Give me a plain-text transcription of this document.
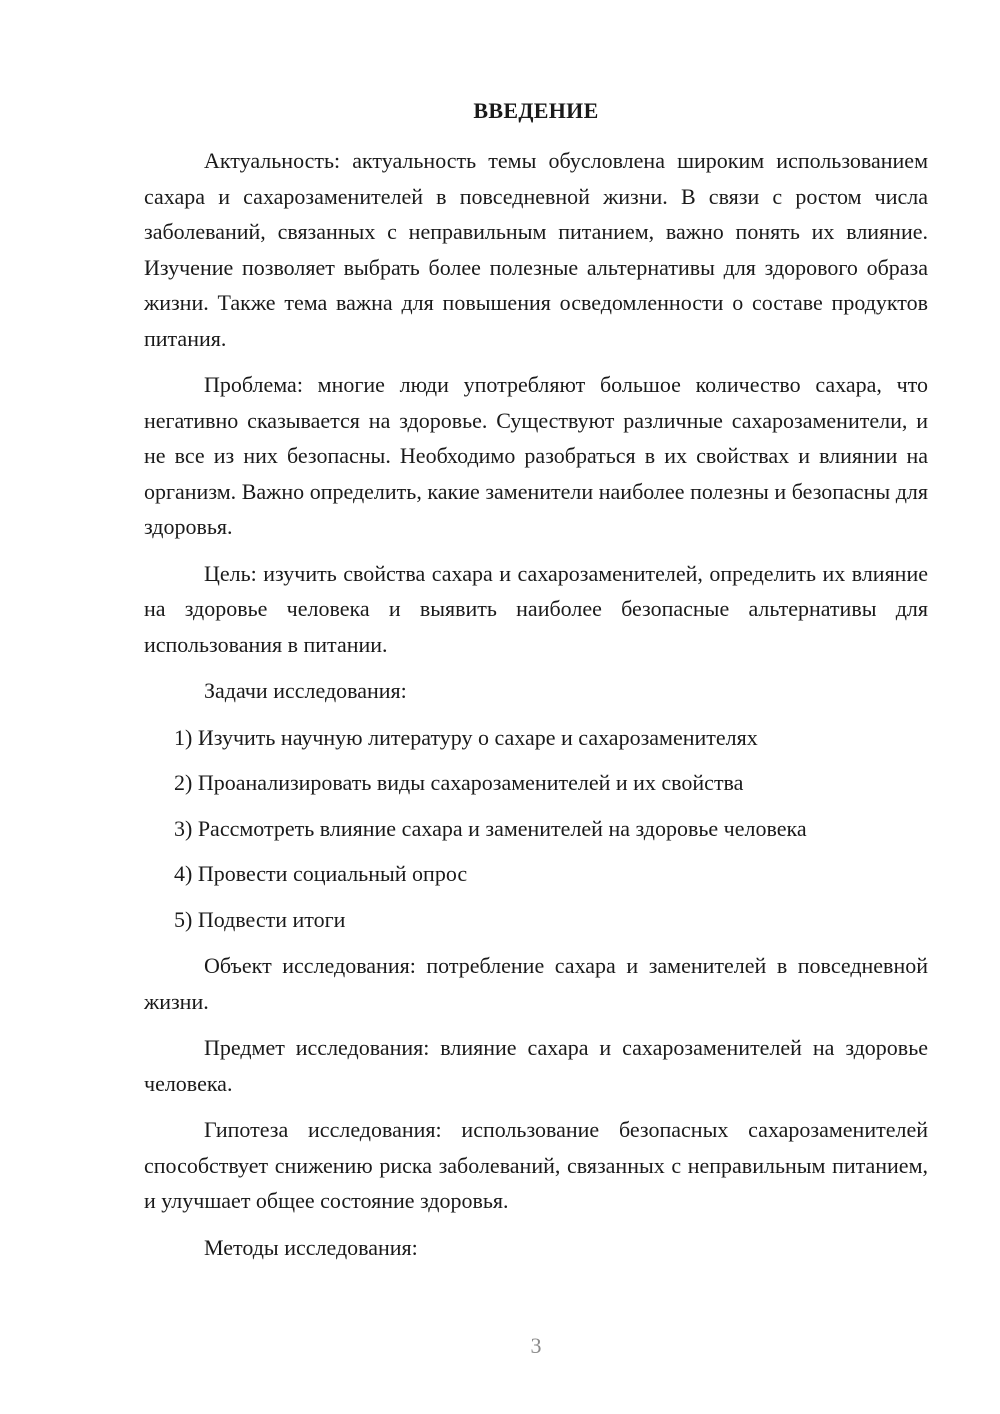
ВВЕДЕНИЕ

Актуальность: актуальность темы обусловлена широким использованием сахара и сахарозаменителей в повседневной жизни. В связи с ростом числа заболеваний, связанных с неправильным питанием, важно понять их влияние. Изучение позволяет выбрать более полезные альтернативы для здорового образа жизни. Также тема важна для повышения осведомленности о составе продуктов питания.

Проблема: многие люди употребляют большое количество сахара, что негативно сказывается на здоровье. Существуют различные сахарозаменители, и не все из них безопасны. Необходимо разобраться в их свойствах и влиянии на организм. Важно определить, какие заменители наиболее полезны и безопасны для здоровья.

Цель: изучить свойства сахара и сахарозаменителей, определить их влияние на здоровье человека и выявить наиболее безопасные альтернативы для использования в питании.

Задачи исследования:

1) Изучить научную литературу о сахаре и сахарозаменителях
2) Проанализировать виды сахарозаменителей и их свойства
3) Рассмотреть влияние сахара и заменителей на здоровье человека
4) Провести социальный опрос
5) Подвести итоги

Объект исследования: потребление сахара и заменителей в повседневной жизни.

Предмет исследования: влияние сахара и сахарозаменителей на здоровье человека.

Гипотеза исследования: использование безопасных сахарозаменителей способствует снижению риска заболеваний, связанных с неправильным питанием, и улучшает общее состояние здоровья.

Методы исследования:

3
